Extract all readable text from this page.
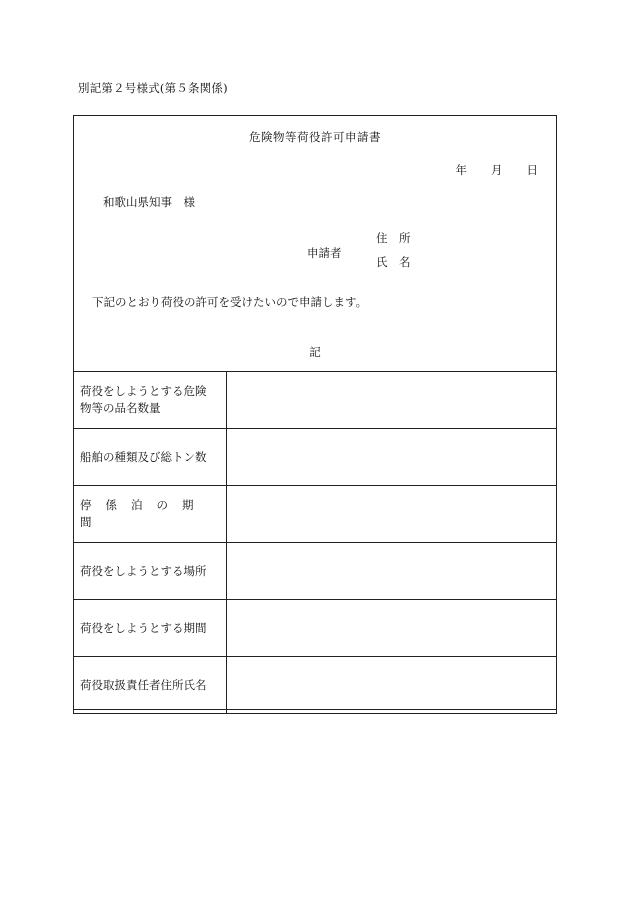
別記第２号様式(第５条関係)
危険物等荷役許可申請書
年 月 日
和歌山県知事　様
申請者
住　所
氏　名
下記のとおり荷役の許可を受けたいので申請します。
記
荷役をしようとする危険
物等の品名数量	

船舶の種類及び総トン数	

停係泊の期間	

荷役をしようとする場所	

荷役をしようとする期間	

荷役取扱責任者住所氏名	
